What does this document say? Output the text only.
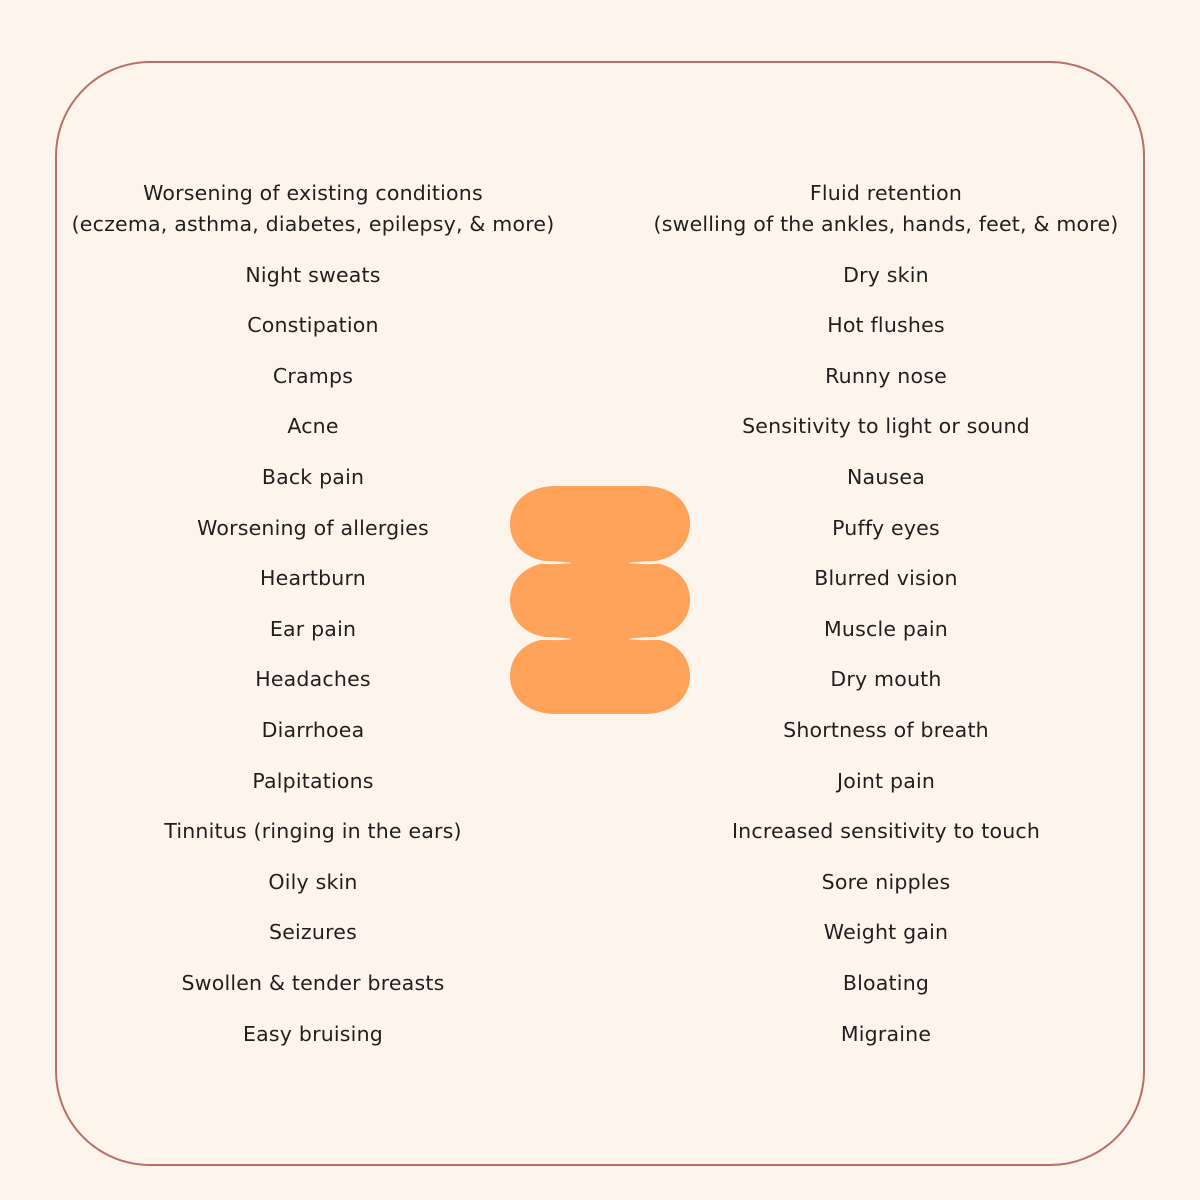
Worsening of existing conditions
(eczema, asthma, diabetes, epilepsy, & more)
Night sweats
Constipation
Cramps
Acne
Back pain
Worsening of allergies
Heartburn
Ear pain
Headaches
Diarrhoea
Palpitations
Tinnitus (ringing in the ears)
Oily skin
Seizures
Swollen & tender breasts
Easy bruising
Fluid retention
(swelling of the ankles, hands, feet, & more)
Dry skin
Hot flushes
Runny nose
Sensitivity to light or sound
Nausea
Puffy eyes
Blurred vision
Muscle pain
Dry mouth
Shortness of breath
Joint pain
Increased sensitivity to touch
Sore nipples
Weight gain
Bloating
Migraine
